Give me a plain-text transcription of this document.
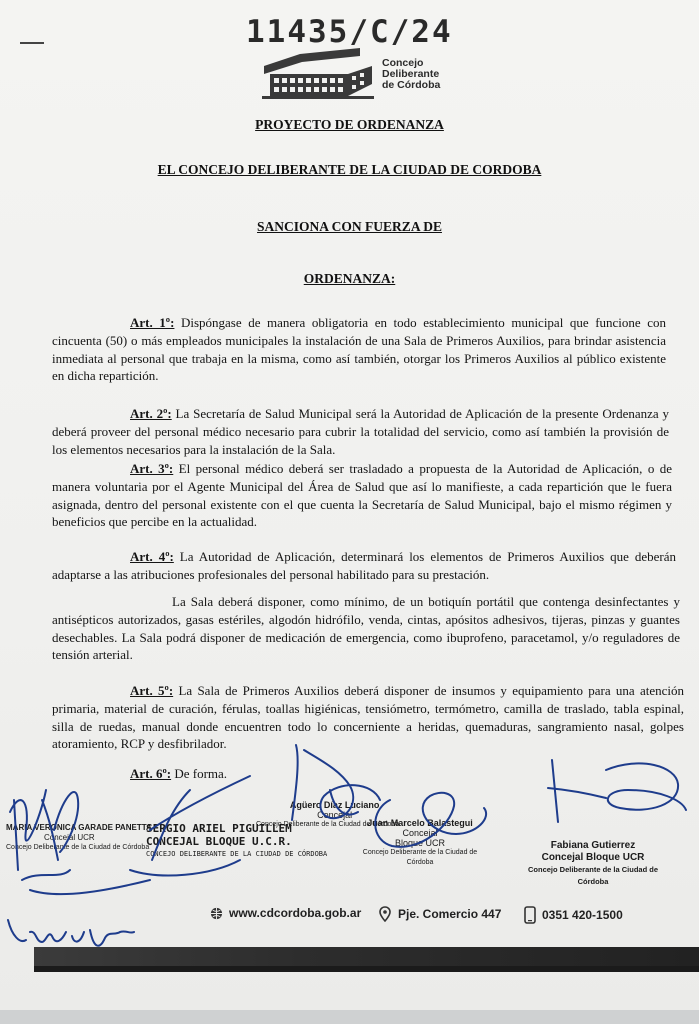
11435/C/24
Concejo
Deliberante
de Córdoba
PROYECTO DE ORDENANZA
EL CONCEJO DELIBERANTE DE LA CIUDAD DE CORDOBA
SANCIONA CON FUERZA DE
ORDENANZA:

Art. 1º: Dispóngase de manera obligatoria en todo establecimiento municipal que funcione con cincuenta (50) o más empleados municipales la instalación de una Sala de Primeros Auxilios, para brindar asistencia inmediata al personal que trabaja en la misma, como así también, otorgar los Primeros Auxilios al público existente en dicha repartición.

Art. 2º: La Secretaría de Salud Municipal será la Autoridad de Aplicación de la presente Ordenanza y deberá proveer del personal médico necesario para cubrir la totalidad del servicio, como así también la provisión de los elementos necesarios para la instalación de la Sala.

Art. 3º: El personal médico deberá ser trasladado a propuesta de la Autoridad de Aplicación, o de manera voluntaria por el Agente Municipal del Área de Salud que así lo manifieste, a cada repartición que le fuera asignada, dentro del personal existente con el que cuenta la Secretaría de Salud Municipal, bajo el mismo régimen y beneficios que percibe en la actualidad.

Art. 4º: La Autoridad de Aplicación, determinará los elementos de Primeros Auxilios que deberán adaptarse a las atribuciones profesionales del personal habilitado para su prestación.

La Sala deberá disponer, como mínimo, de un botiquín portátil que contenga desinfectantes y antisépticos autorizados, gasas estériles, algodón hidrófilo, venda, cintas, apósitos adhesivos, tijeras, pinzas y guantes desechables. La Sala podrá disponer de medicación de emergencia, como ibuprofeno, paracetamol, y/o reguladores de tensión arterial.

Art. 5º: La Sala de Primeros Auxilios deberá disponer de insumos y equipamiento para una atención primaria, material de curación, férulas, toallas higiénicas, tensiómetro, termómetro, camilla de traslado, tabla espinal, silla de ruedas, manual donde encuentren todo lo concerniente a heridas, quemaduras, sangramiento nasal, golpes atoramiento, RCP y desfibrilador.

Art. 6º: De forma.

MARIA VERONICA GARADE PANETTA
Concejal UCR
Concejo Deliberante de la Ciudad de Córdoba
SERGIO ARIEL PIGUILLEM
CONCEJAL BLOQUE U.C.R.
CONCEJO DELIBERANTE DE LA CIUDAD DE CÓRDOBA
Agüero Díaz Luciano
Concejal
Concejo Deliberante de la Ciudad de Córdoba
Juan Marcelo Balastegui
Concejal
Bloque UCR
Concejo Deliberante de la Ciudad de Córdoba
Fabiana Gutierrez
Concejal Bloque UCR
Concejo Deliberante de la Ciudad de Córdoba
www.cdcordoba.gob.ar	Pje. Comercio 447	0351 420-1500
